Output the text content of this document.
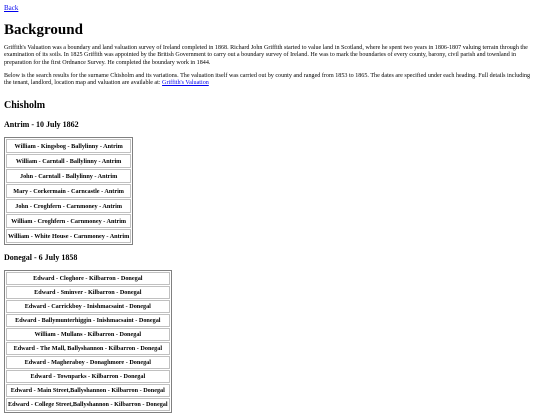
Back
Background

Griffith's Valuation was a boundary and land valuation survey of Ireland completed in 1868. Richard John Griffith started to value land in Scotland, where he spent two years in 1806-1807 valuing terrain through the examination of its soils. In 1825 Griffith was appointed by the British Government to carry out a boundary survey of Ireland. He was to mark the boundaries of every county, barony, civil parish and townland in preparation for the first Ordnance Survey. He completed the boundary work in 1844.

Below is the search results for the surname Chisholm and its variations. The valuation itself was carried out by county and ranged from 1853 to 1865. The dates are specified under each heading. Full details including the tenant, landlord, location map and valuation are available at: Griffith's Valuation

Chisholm
Antrim - 10 July 1862
William - Kingsbog - Ballylinny - Antrim
William - Carntall - Ballylinny - Antrim
John - Carntall - Ballylinny - Antrim
Mary - Corkermain - Carncastle - Antrim
John - Croghfern - Carnmoney - Antrim
William - Croghfern - Carnmoney - Antrim
William - White House - Carnmoney - Antrim
Donegal - 6 July 1858
Edward - Cloghore - Kilbarron - Donegal
Edward - Sminver - Kilbarron - Donegal
Edward - Carrickboy - Inishmacsaint - Donegal
Edward - Ballymunterhiggin - Inishmacsaint - Donegal
William - Mullans - Kilbarron - Donegal
Edward - The Mall, Ballyshannon - Kilbarron - Donegal
Edward - Magheraboy - Donaghmore - Donegal
Edward - Townparks - Kilbarron - Donegal
Edward - Main Street,Ballyshannon - Kilbarron - Donegal
Edward - College Street,Ballyshannon - Kilbarron - Donegal
